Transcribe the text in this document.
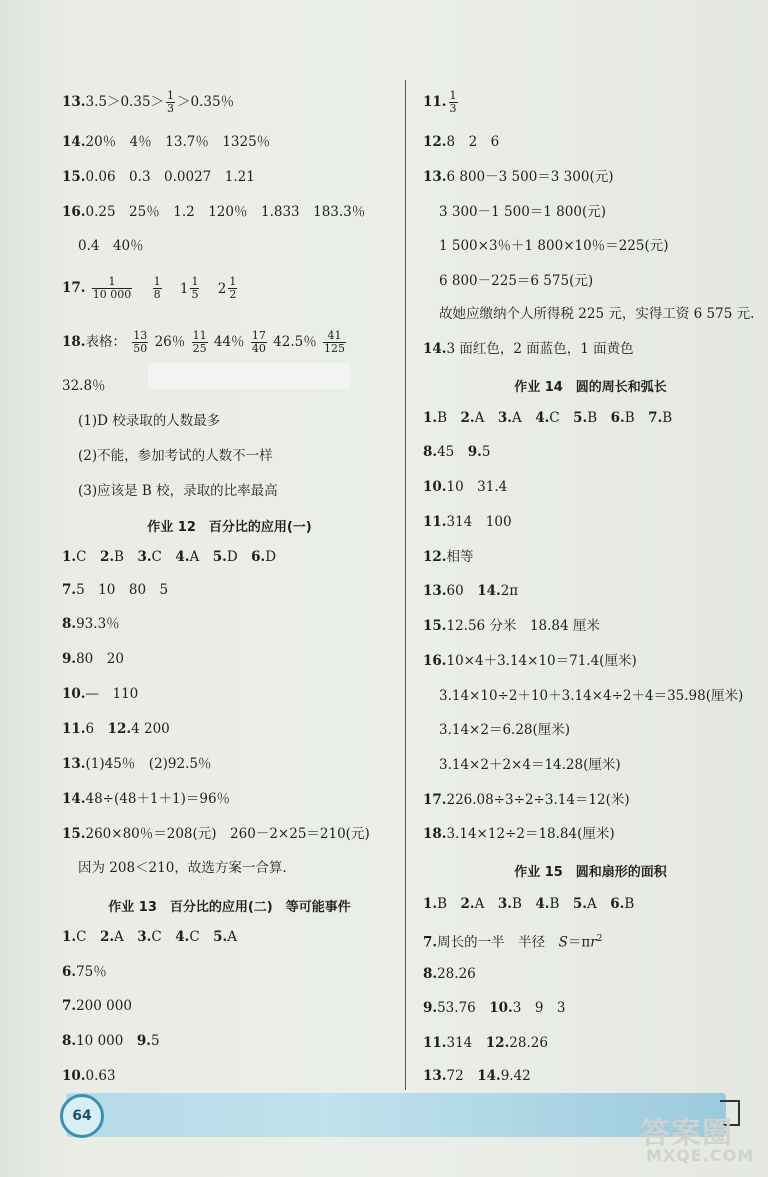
$13.3.5>0.35> \frac{1}{3} >0.35$％
14.20％　4％　13.7％　1325％
15.0.06　0.3　0.0027　1.21
16.0.25　25％　1.2　120％　1.833　183.3％
0.4　40％
17. $\frac{1}{10 000}$
$\frac{1}{8} 1 \frac{1}{5} 2 \frac{1}{2}$
18.表格： $\frac{13}{50} 26$％ $\frac{11}{25} 44$％ $\frac{17}{40} 42.5$％ $\frac{41}{125}$
32.8％
(1)D 校录取的人数最多
(2)不能，参加考试的人数不一样
(3)应该是 B 校，录取的比率最高
作业 12　百分比的应用(一)
1.C　2.B　3.C　4.A　5.D　6.D
7.5　10　80　5
8.93.3％
9.80　20
10.—　110
11.6　12.4 200
13.(1)45％　(2)92.5％
14.48÷(48＋1＋1)＝96％
15.260×80％＝208(元)　260－2×25＝210(元)
因为 208＜210，故选方案一合算.
作业 13　百分比的应用(二)　等可能事件
1.C　2.A　3.C　4.C　5.A
6.75％
7.200 000
8.10 000　9.5
10.0.63
11. $\frac{1}{3}$
12.8　2　6
13.6 800－3 500＝3 300(元)
3 300－1 500＝1 800(元)
1 500×3％＋1 800×10％＝225(元)
6 800－225＝6 575(元)
故她应缴纳个人所得税 225 元，实得工资 6 575 元.
14.3 面红色，2 面蓝色，1 面黄色
作业 14　圆的周长和弧长
1.B　2.A　3.A　4.C　5.B　6.B　7.B
8.45　9.5
10.10　31.4
11.314　100
12.相等
13.60　14.2π
15.12.56 分米　18.84 厘米
16.10×4＋3.14×10＝71.4(厘米)
3.14×10÷2＋10＋3.14×4÷2＋4＝35.98(厘米)
3.14×2＝6.28(厘米)
3.14×2＋2×4＝14.28(厘米)
17.226.08÷3÷2÷3.14＝12(米)
18.3.14×12÷2＝18.84(厘米)
作业 15　圆和扇形的面积
1.B　2.A　3.B　4.B　5.A　6.B
7.周长的一半　半径　$S=\pi r^2$
8.28.26
9.53.76　10.3　9　3
11.314　12.28.26
13.72　14.9.42
64	答案圈
MXQE.COM
